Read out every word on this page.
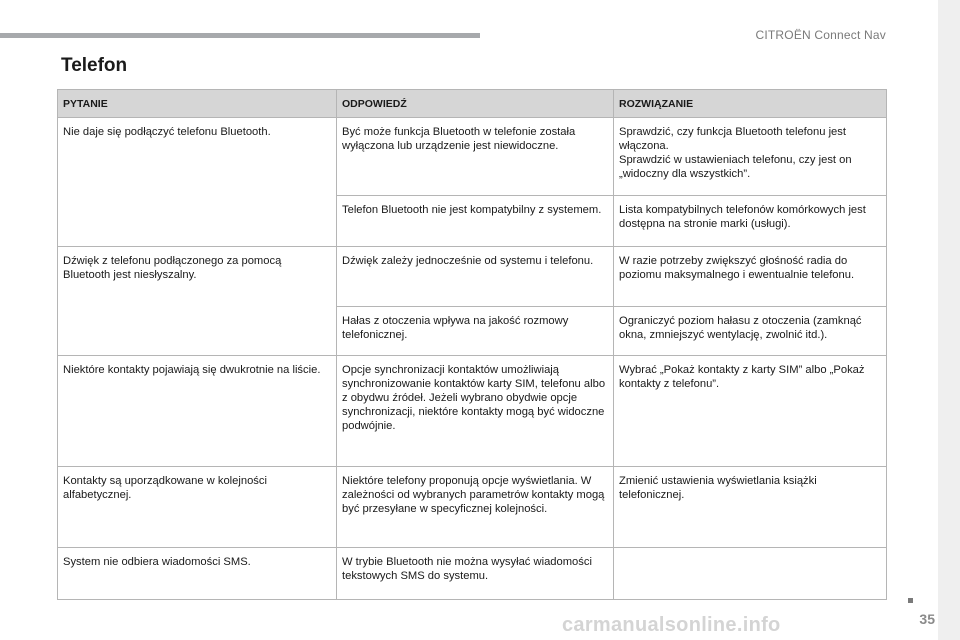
CITROËN Connect Nav
Telefon
PYTANIE	ODPOWIEDŹ	ROZWIĄZANIE
Nie daje się podłączyć telefonu Bluetooth.	Być może funkcja Bluetooth w telefonie została wyłączona lub urządzenie jest niewidoczne.	Sprawdzić, czy funkcja Bluetooth telefonu jest włączona.
Sprawdzić w ustawieniach telefonu, czy jest on „widoczny dla wszystkich”.
	Telefon Bluetooth nie jest kompatybilny z systemem.	Lista kompatybilnych telefonów komórkowych jest dostępna na stronie marki (usługi).
Dźwięk z telefonu podłączonego za pomocą Bluetooth jest niesłyszalny.	Dźwięk zależy jednocześnie od systemu i telefonu.	W razie potrzeby zwiększyć głośność radia do poziomu maksymalnego i ewentualnie telefonu.
	Hałas z otoczenia wpływa na jakość rozmowy telefonicznej.	Ograniczyć poziom hałasu z otoczenia (zamknąć okna, zmniejszyć wentylację, zwolnić itd.).
Niektóre kontakty pojawiają się dwukrotnie na liście.	Opcje synchronizacji kontaktów umożliwiają synchronizowanie kontaktów karty SIM, telefonu albo z obydwu źródeł. Jeżeli wybrano obydwie opcje synchronizacji, niektóre kontakty mogą być widoczne podwójnie.	Wybrać „Pokaż kontakty z karty SIM” albo „Pokaż kontakty z telefonu”.
Kontakty są uporządkowane w kolejności alfabetycznej.	Niektóre telefony proponują opcje wyświetlania. W zależności od wybranych parametrów kontakty mogą być przesyłane w specyficznej kolejności.	Zmienić ustawienia wyświetlania książki telefonicznej.
System nie odbiera wiadomości SMS.	W trybie Bluetooth nie można wysyłać wiadomości tekstowych SMS do systemu.	
carmanualsonline.info	35
